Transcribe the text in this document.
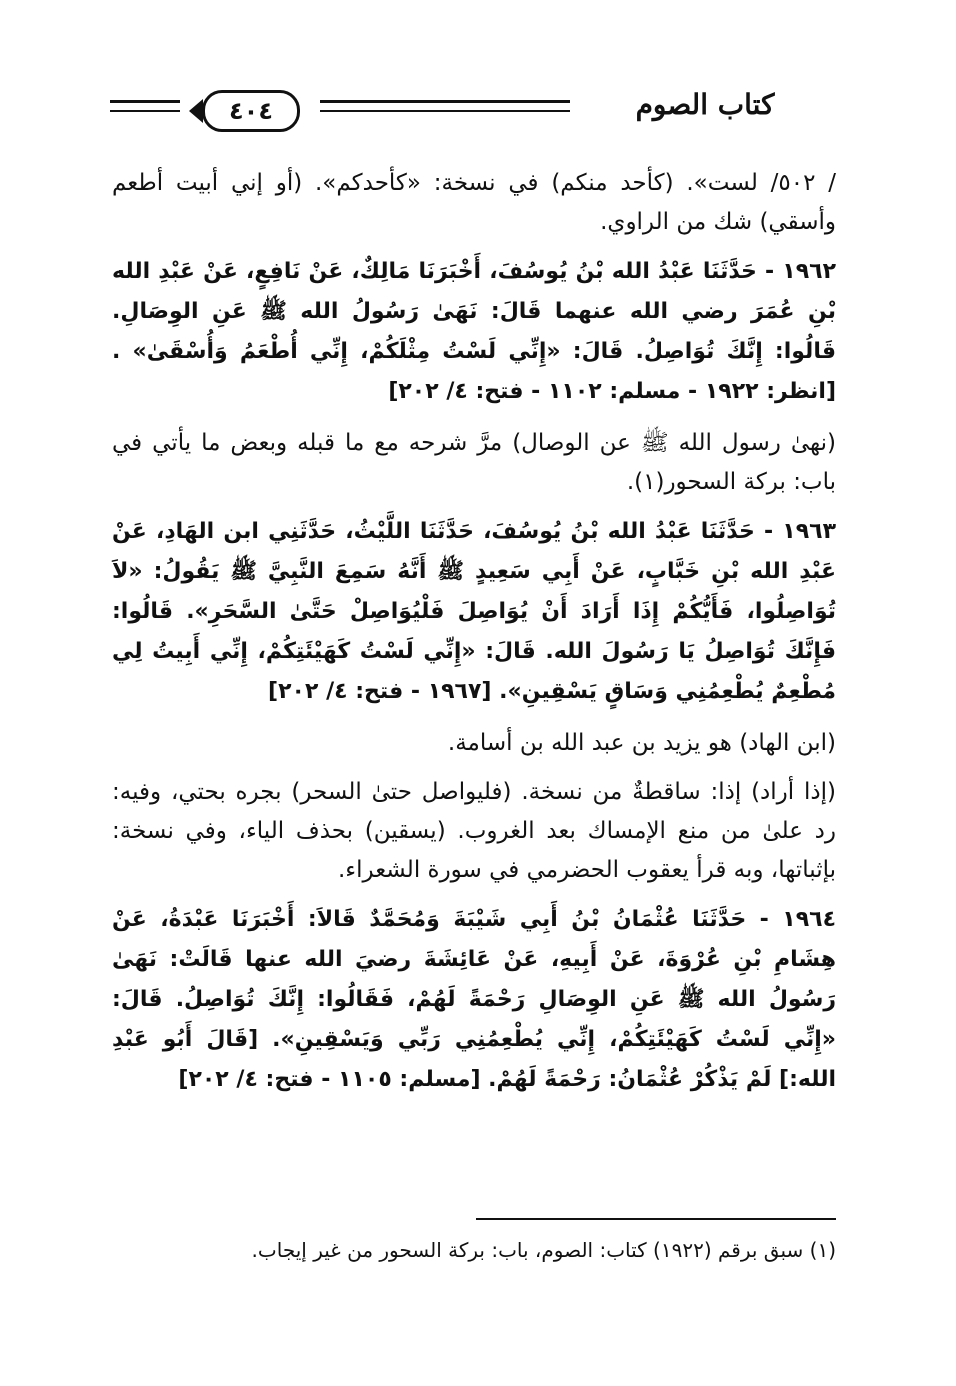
٤٠٤	كتاب الصوم

/ ٥٠٢/ لست». (كأحد منكم) في نسخة: «كأحدكم». (أو إني أبيت أطعم وأسقي) شك من الراوي.

١٩٦٢ - حَدَّثَنَا عَبْدُ الله بْنُ يُوسُفَ، أَخْبَرَنَا مَالِكٌ، عَنْ نَافِعٍ، عَنْ عَبْدِ الله بْنِ عُمَرَ رضي الله عنهما قَالَ: نَهَىٰ رَسُولُ الله ﷺ عَنِ الوِصَالِ. قَالُوا: إِنَّكَ تُوَاصِلُ. قَالَ: «إِنِّي لَسْتُ مِثْلَكُمْ، إِنِّي أُطْعَمُ وَأُسْقَىٰ» .[انظر: ١٩٢٢ - مسلم: ١١٠٢ - فتح: ٤/ ٢٠٢]

(نهىٰ رسول الله ﷺ عن الوصال) مرَّ شرحه مع ما قبله وبعض ما يأتي في باب: بركة السحور(١).

١٩٦٣ - حَدَّثَنَا عَبْدُ الله بْنُ يُوسُفَ، حَدَّثَنَا اللَّيْثُ، حَدَّثَنِي ابن الهَادِ، عَنْ عَبْدِ الله بْنِ خَبَّابٍ، عَنْ أَبِي سَعِيدٍ ﷺ أَنَّهُ سَمِعَ النَّبِيَّ ﷺ يَقُولُ: «لاَ تُوَاصِلُوا، فَأَيُّكُمْ إِذَا أَرَادَ أَنْ يُوَاصِلَ فَلْيُوَاصِلْ حَتَّىٰ السَّحَرِ». قَالُوا: فَإِنَّكَ تُوَاصِلُ يَا رَسُولَ الله. قَالَ: «إِنِّي لَسْتُ كَهَيْئَتِكُمْ، إِنِّي أَبِيتُ لِي مُطْعِمٌ يُطْعِمُنِي وَسَاقٍ يَسْقِينِ». [١٩٦٧ - فتح: ٤/ ٢٠٢]

(ابن الهاد) هو يزيد بن عبد الله بن أسامة.

(إذا أراد) إذا: ساقطةٌ من نسخة. (فليواصل حتىٰ السحر) بجره بحتي، وفيه: رد علىٰ من منع الإمساك بعد الغروب. (يسقين) بحذف الياء، وفي نسخة: بإثباتها، وبه قرأ يعقوب الحضرمي في سورة الشعراء.

١٩٦٤ - حَدَّثَنَا عُثْمَانُ بْنُ أَبِي شَيْبَةَ وَمُحَمَّدٌ قَالاَ: أَخْبَرَنَا عَبْدَةُ، عَنْ هِشَامِ بْنِ عُرْوَةَ، عَنْ أَبِيهِ، عَنْ عَائِشَةَ رضيَ الله عنها قَالَتْ: نَهَىٰ رَسُولُ الله ﷺ عَنِ الوِصَالِ رَحْمَةً لَهُمْ، فَقَالُوا: إِنَّكَ تُوَاصِلُ. قَالَ: «إِنِّي لَسْتُ كَهَيْئَتِكُمْ، إِنِّي يُطْعِمُنِي رَبِّي وَيَسْقِينِ». [قَالَ أَبُو عَبْدِ الله:] لَمْ يَذْكُرْ عُثْمَانُ: رَحْمَةً لَهُمْ. [مسلم: ١١٠٥ - فتح: ٤/ ٢٠٢]

(١) سبق برقم (١٩٢٢) كتاب: الصوم، باب: بركة السحور من غير إيجاب.
